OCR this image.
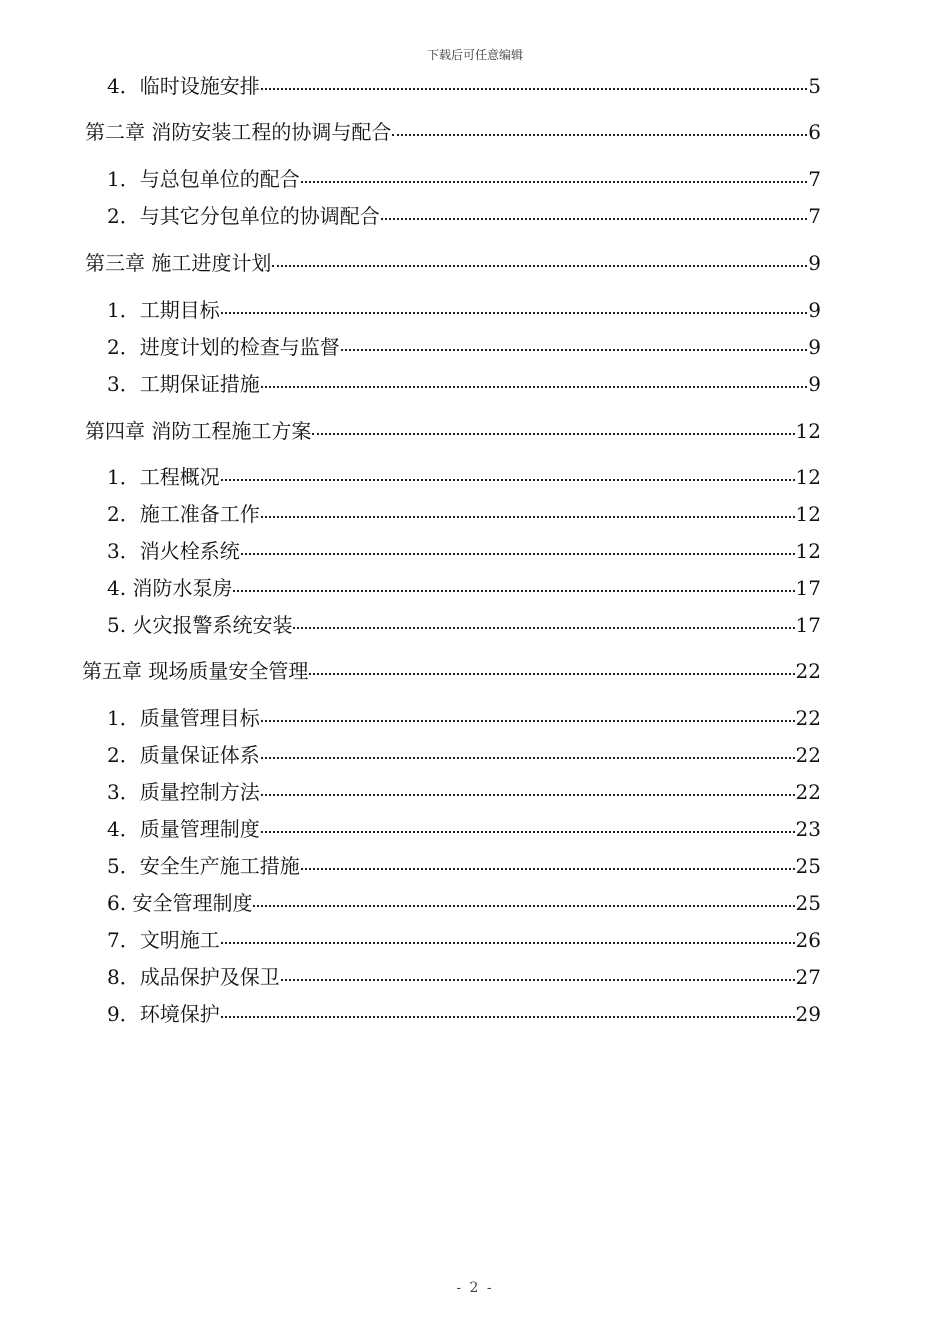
下载后可任意编辑
4．临时设施安排	5
第二章 消防安装工程的协调与配合	6
1．与总包单位的配合	7
2．与其它分包单位的协调配合	7
第三章 施工进度计划	9
1．工期目标	9
2．进度计划的检查与监督	9
3．工期保证措施	9
第四章 消防工程施工方案	12
1．工程概况	12
2．施工准备工作	12
3．消火栓系统	12
4. 消防水泵房	17
5. 火灾报警系统安装	17
第五章 现场质量安全管理	22
1．质量管理目标	22
2．质量保证体系	22
3．质量控制方法	22
4．质量管理制度	23
5．安全生产施工措施	25
6. 安全管理制度	25
7．文明施工	26
8．成品保护及保卫	27
9．环境保护	29
- 2 -
